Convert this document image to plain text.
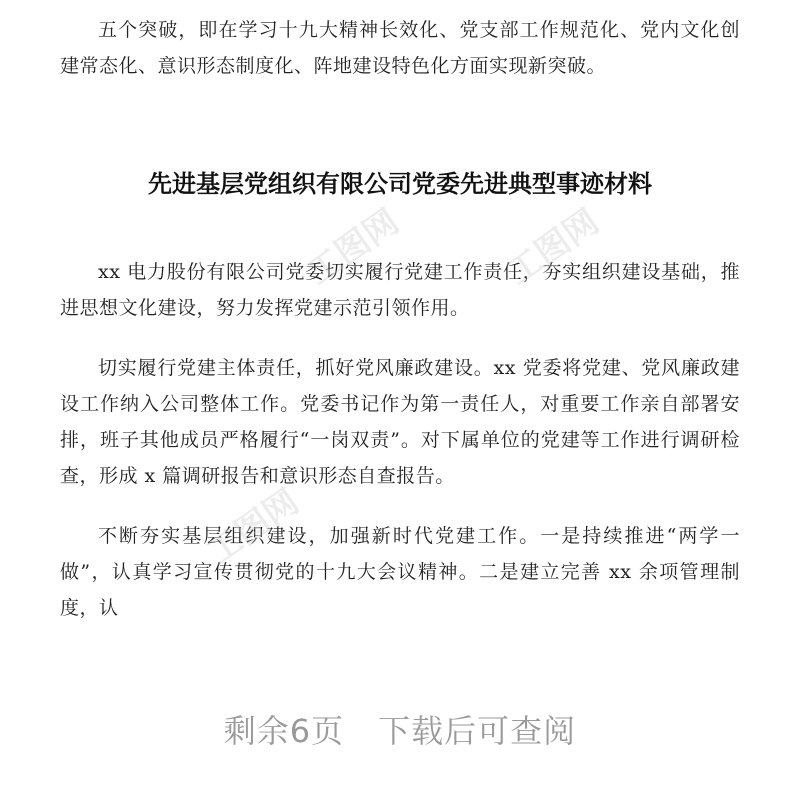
五个突破，即在学习十九大精神长效化、党支部工作规范化、党内文化创建常态化、意识形态制度化、阵地建设特色化方面实现新突破。

先进基层党组织有限公司党委先进典型事迹材料

xx 电力股份有限公司党委切实履行党建工作责任，夯实组织建设基础，推进思想文化建设，努力发挥党建示范引领作用。

切实履行党建主体责任，抓好党风廉政建设。xx 党委将党建、党风廉政建设工作纳入公司整体工作。党委书记作为第一责任人，对重要工作亲自部署安排，班子其他成员严格履行“一岗双责”。对下属单位的党建等工作进行调研检查，形成 x 篇调研报告和意识形态自查报告。

不断夯实基层组织建设，加强新时代党建工作。一是持续推进“两学一做”，认真学习宣传贯彻党的十九大会议精神。二是建立完善 xx 余项管理制度，认

工图网	工图网
工图网
剩余6页 下载后可查阅
